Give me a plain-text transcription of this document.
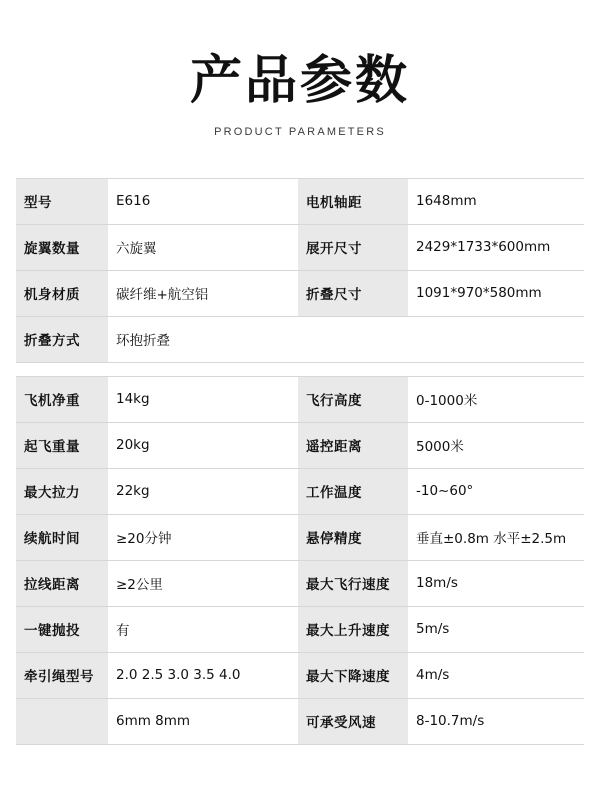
产品参数
PRODUCT PARAMETERS
型号	E616	电机轴距	1648mm
旋翼数量	六旋翼	展开尺寸	2429*1733*600mm
机身材质	碳纤维+航空铝	折叠尺寸	1091*970*580mm
折叠方式	环抱折叠		

飞机净重	14kg	飞行高度	0-1000米
起飞重量	20kg	遥控距离	5000米
最大拉力	22kg	工作温度	-10~60°
续航时间	≥20分钟	悬停精度	垂直±0.8m 水平±2.5m
拉线距离	≥2公里	最大飞行速度	18m/s
一键抛投	有	最大上升速度	5m/s
牵引绳型号	2.0 2.5 3.0 3.5 4.0	最大下降速度	4m/s
	6mm 8mm	可承受风速	8-10.7m/s
